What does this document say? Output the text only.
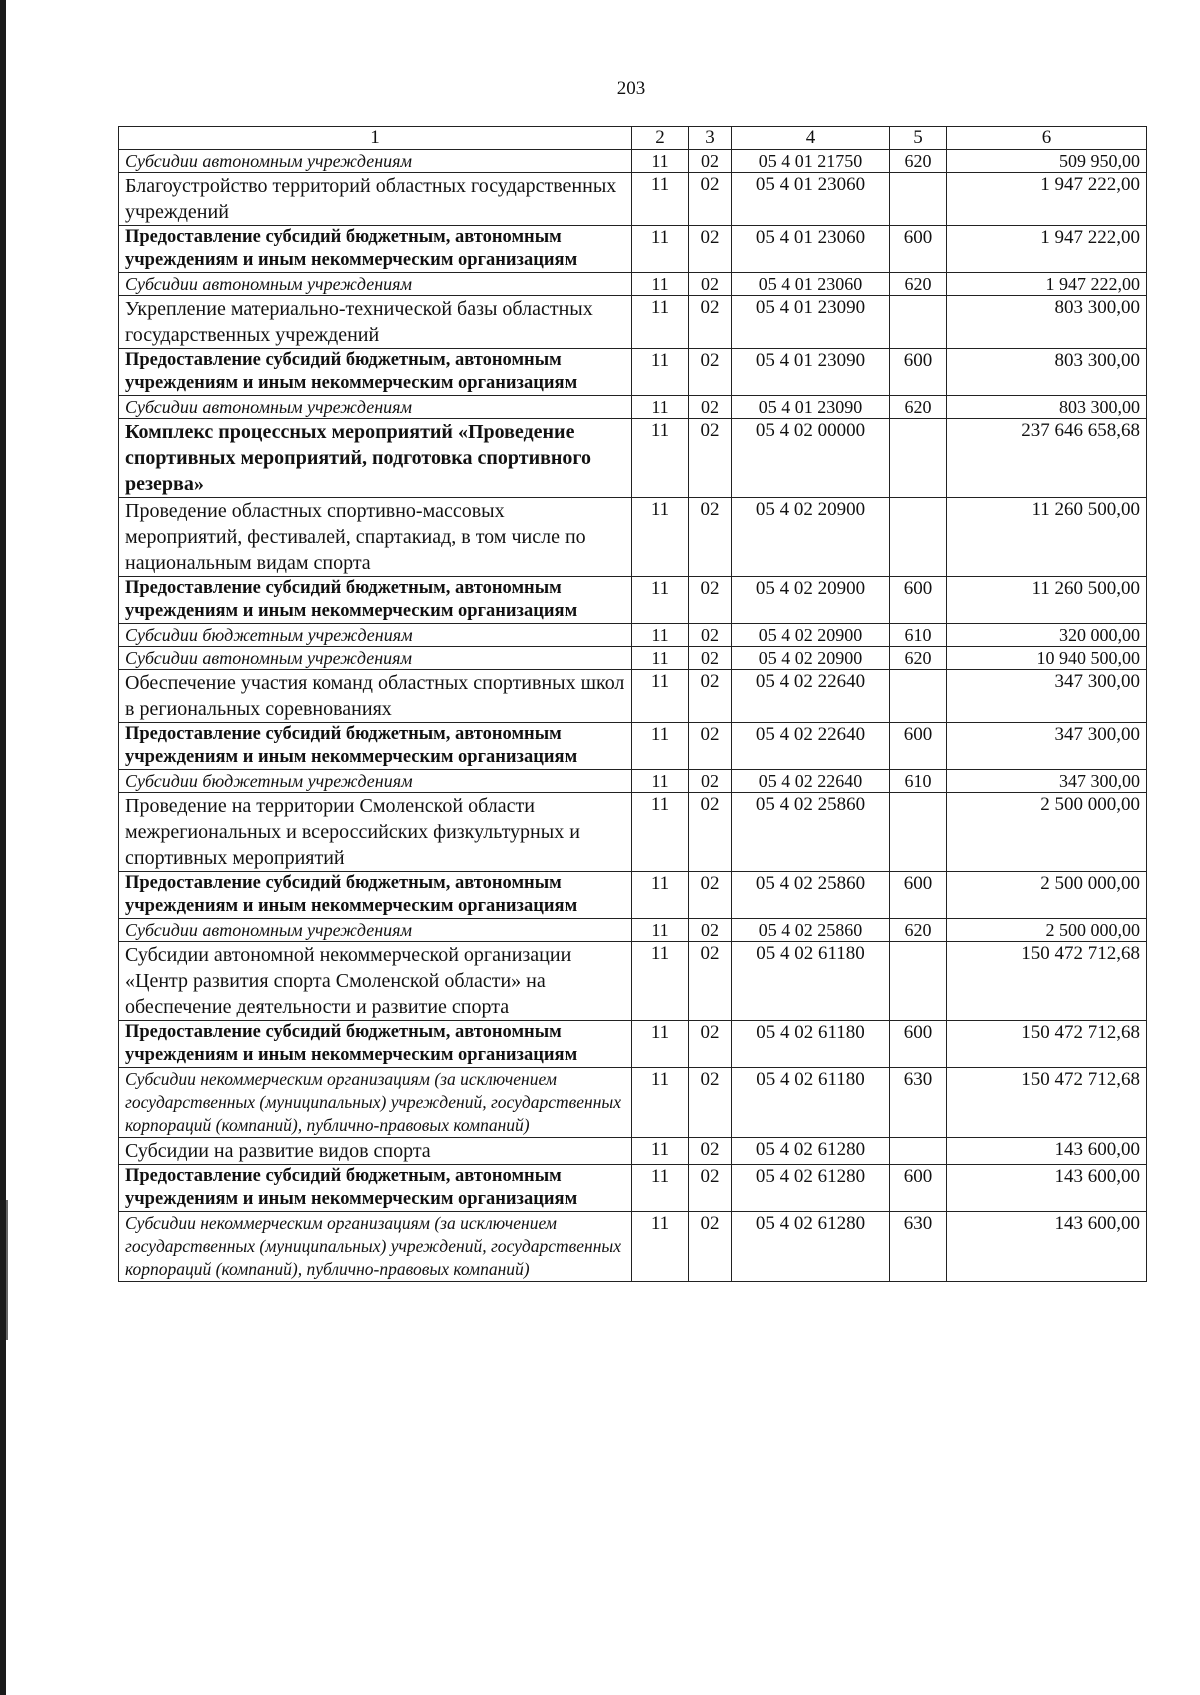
203
1	2	3	4	5	6
Субсидии автономным учреждениям	11	02	05 4 01 21750	620	509 950,00
Благоустройство территорий областных государственных учреждений	11	02	05 4 01 23060		1 947 222,00
Предоставление субсидий бюджетным, автономным учреждениям и иным некоммерческим организациям	11	02	05 4 01 23060	600	1 947 222,00
Субсидии автономным учреждениям	11	02	05 4 01 23060	620	1 947 222,00
Укрепление материально-технической базы областных государственных учреждений	11	02	05 4 01 23090		803 300,00
Предоставление субсидий бюджетным, автономным учреждениям и иным некоммерческим организациям	11	02	05 4 01 23090	600	803 300,00
Субсидии автономным учреждениям	11	02	05 4 01 23090	620	803 300,00
Комплекс процессных мероприятий «Проведение спортивных мероприятий, подготовка спортивного резерва»	11	02	05 4 02 00000		237 646 658,68
Проведение областных спортивно-массовых мероприятий, фестивалей, спартакиад, в том числе по национальным видам спорта	11	02	05 4 02 20900		11 260 500,00
Предоставление субсидий бюджетным, автономным учреждениям и иным некоммерческим организациям	11	02	05 4 02 20900	600	11 260 500,00
Субсидии бюджетным учреждениям	11	02	05 4 02 20900	610	320 000,00
Субсидии автономным учреждениям	11	02	05 4 02 20900	620	10 940 500,00
Обеспечение участия команд областных спортивных школ в региональных соревнованиях	11	02	05 4 02 22640		347 300,00
Предоставление субсидий бюджетным, автономным учреждениям и иным некоммерческим организациям	11	02	05 4 02 22640	600	347 300,00
Субсидии бюджетным учреждениям	11	02	05 4 02 22640	610	347 300,00
Проведение на территории Смоленской области межрегиональных и всероссийских физкультурных и спортивных мероприятий	11	02	05 4 02 25860		2 500 000,00
Предоставление субсидий бюджетным, автономным учреждениям и иным некоммерческим организациям	11	02	05 4 02 25860	600	2 500 000,00
Субсидии автономным учреждениям	11	02	05 4 02 25860	620	2 500 000,00
Субсидии автономной некоммерческой организации «Центр развития спорта Смоленской области» на обеспечение деятельности и развитие спорта	11	02	05 4 02 61180		150 472 712,68
Предоставление субсидий бюджетным, автономным учреждениям и иным некоммерческим организациям	11	02	05 4 02 61180	600	150 472 712,68
Субсидии некоммерческим организациям (за исключением государственных (муниципальных) учреждений, государственных корпораций (компаний), публично-правовых компаний)	11	02	05 4 02 61180	630	150 472 712,68
Субсидии на развитие видов спорта	11	02	05 4 02 61280		143 600,00
Предоставление субсидий бюджетным, автономным учреждениям и иным некоммерческим организациям	11	02	05 4 02 61280	600	143 600,00
Субсидии некоммерческим организациям (за исключением государственных (муниципальных) учреждений, государственных корпораций (компаний), публично-правовых компаний)	11	02	05 4 02 61280	630	143 600,00
